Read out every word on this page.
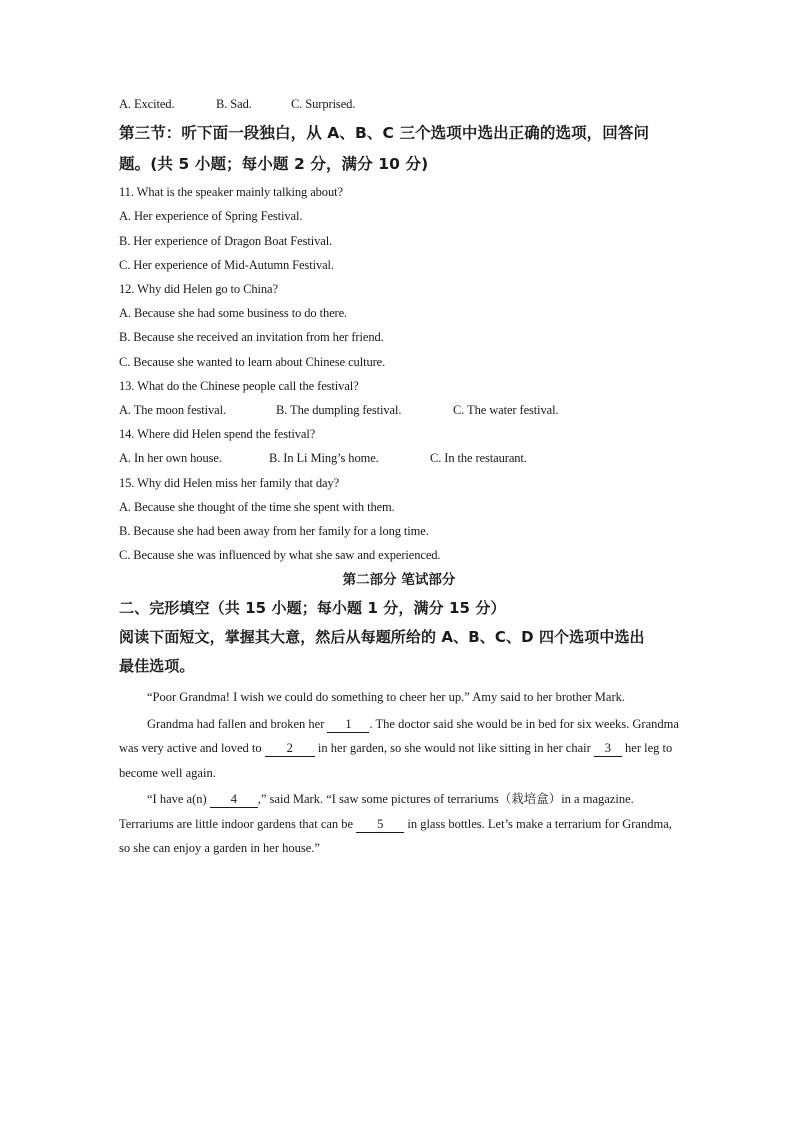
A. Excited.	B. Sad.	C. Surprised.
第三节：听下面一段独白，从 A、B、C 三个选项中选出正确的选项，回答问
题。(共 5 小题；每小题 2 分，满分 10 分)
11. What is the speaker mainly talking about?
A. Her experience of Spring Festival.
B. Her experience of Dragon Boat Festival.
C. Her experience of Mid-Autumn Festival.
12. Why did Helen go to China?
A. Because she had some business to do there.
B. Because she received an invitation from her friend.
C. Because she wanted to learn about Chinese culture.
13. What do the Chinese people call the festival?
A. The moon festival.	B. The dumpling festival.	C. The water festival.
14. Where did Helen spend the festival?
A. In her own house.	B. In Li Ming’s home.	C. In the restaurant.
15. Why did Helen miss her family that day?
A. Because she thought of the time she spent with them.
B. Because she had been away from her family for a long time.
C. Because she was influenced by what she saw and experienced.
第二部分 笔试部分
二、完形填空（共 15 小题；每小题 1 分，满分 15 分）
阅读下面短文，掌握其大意，然后从每题所给的 A、B、C、D 四个选项中选出
最佳选项。

“Poor Grandma! I wish we could do something to cheer her up.” Amy said to her brother Mark.

Grandma had fallen and broken her 1 . The doctor said she would be in bed for six weeks. Grandma was very active and loved to 2 in her garden, so she would not like sitting in her chair 3 her leg to become well again.

“I have a(n) 4 ,” said Mark. “I saw some pictures of terrariums（栽培盒）in a magazine. Terrariums are little indoor gardens that can be 5 in glass bottles. Let’s make a terrarium for Grandma, so she can enjoy a garden in her house.”
